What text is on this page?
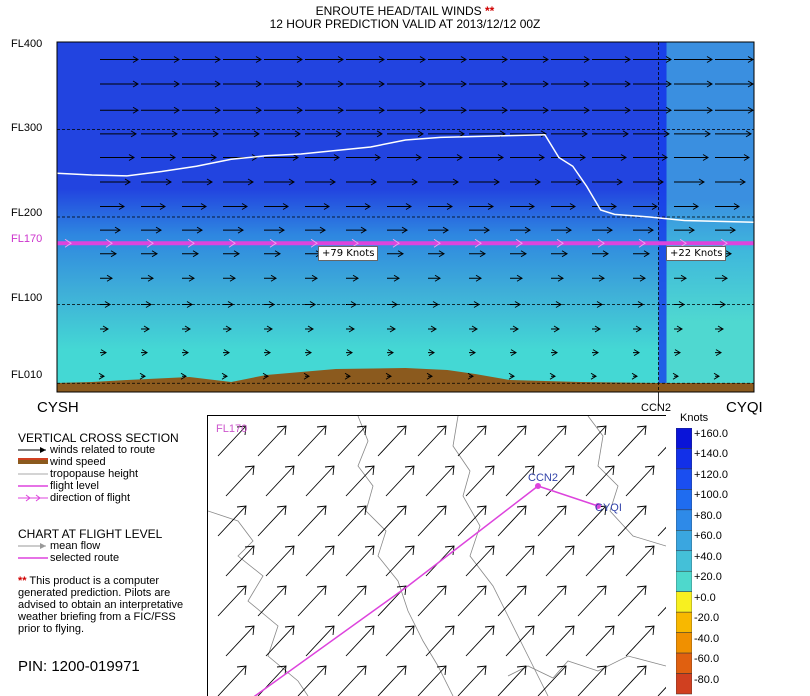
ENROUTE HEAD/TAIL WINDS **
12 HOUR PREDICTION VALID AT 2013/12/12 00Z
FL400
FL300
FL200
FL170
FL100
FL010
CYSH	CCN2	CYQI
+79 Knots	+22 Knots
VERTICAL CROSS SECTION
winds related to route
wind speed
tropopause height
flight level
direction of flight
CHART AT FLIGHT LEVEL
mean flow
selected route
** This product is a computer generated prediction. Pilots are advised to obtain an interpretative weather briefing from a FIC/FSS prior to flying.
PIN: 1200-019971
FL170
CCN2
CYQI
Knots
+160.0
+140.0
+120.0
+100.0
+80.0
+60.0
+40.0
+20.0
+0.0
-20.0
-40.0
-60.0
-80.0
